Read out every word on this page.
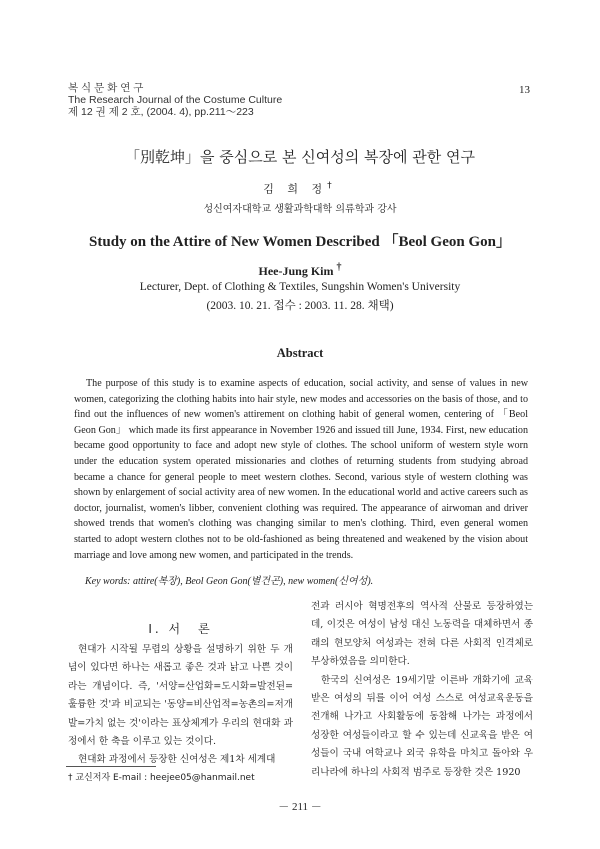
복 식 문 화 연 구
The Research Journal of the Costume Culture
제 12 권 제 2 호, (2004. 4), pp.211～223
13
「別乾坤」을 중심으로 본 신여성의 복장에 관한 연구
김 희 정†
성신여자대학교 생활과학대학 의류학과 강사
Study on the Attire of New Women Described 「Beol Geon Gon」
Hee-Jung Kim †
Lecturer, Dept. of Clothing & Textiles, Sungshin Women's University
(2003. 10. 21. 접수 : 2003. 11. 28. 채택)
Abstract

The purpose of this study is to examine aspects of education, social activity, and sense of values in new women, categorizing the clothing habits into hair style, new modes and accessories on the basis of those, and to find out the influences of new women's attirement on clothing habit of general women, centering of 「Beol Geon Gon」 which made its first appearance in November 1926 and issued till June, 1934. First, new education became good opportunity to face and adopt new style of clothes. The school uniform of western style worn under the education system operated missionaries and clothes of returning students from studying abroad became a chance for general people to meet western clothes. Second, various style of western clothing was shown by enlargement of social activity area of new women. In the educational world and active careers such as doctor, journalist, women's libber, convenient clothing was required. The appearance of airwoman and driver showed trends that women's clothing was changing similar to men's clothing. Third, even general women started to adopt western clothes not to be old-fashioned as being threatened and weakened by the vision about marriage and love among new women, and participated in the trends.

Key words: attire(복장), Beol Geon Gon(별건곤), new women(신여성).
I. 서　론

현대가 시작될 무렵의 상황을 설명하기 위한 두 개념이 있다면 하나는 새롭고 좋은 것과 낡고 나쁜 것이라는 개념이다. 즉, '서양=산업화=도시화=발전된=훌륭한 것'과 비교되는 '동양=비산업적=농촌의=저개발=가치 없는 것'이라는 표상체계가 우리의 현대화 과정에서 한 축을 이루고 있는 것이다.

현대화 과정에서 등장한 신여성은 제1차 세계대

전과 러시아 혁명전후의 역사적 산물로 등장하였는데, 이것은 여성이 남성 대신 노동력을 대체하면서 종래의 현모양처 여성과는 전혀 다른 사회적 인격체로 부상하였음을 의미한다.

한국의 신여성은 19세기말 이른바 개화기에 교육받은 여성의 뒤를 이어 여성 스스로 여성교육운동을 전개해 나가고 사회활동에 동참해 나가는 과정에서 성장한 여성들이라고 할 수 있는데 신교육을 받은 여성들이 국내 여학교나 외국 유학을 마치고 돌아와 우리나라에 하나의 사회적 범주로 등장한 것은 1920

† 교신저자 E-mail : heejee05@hanmail.net
－ 211 －
